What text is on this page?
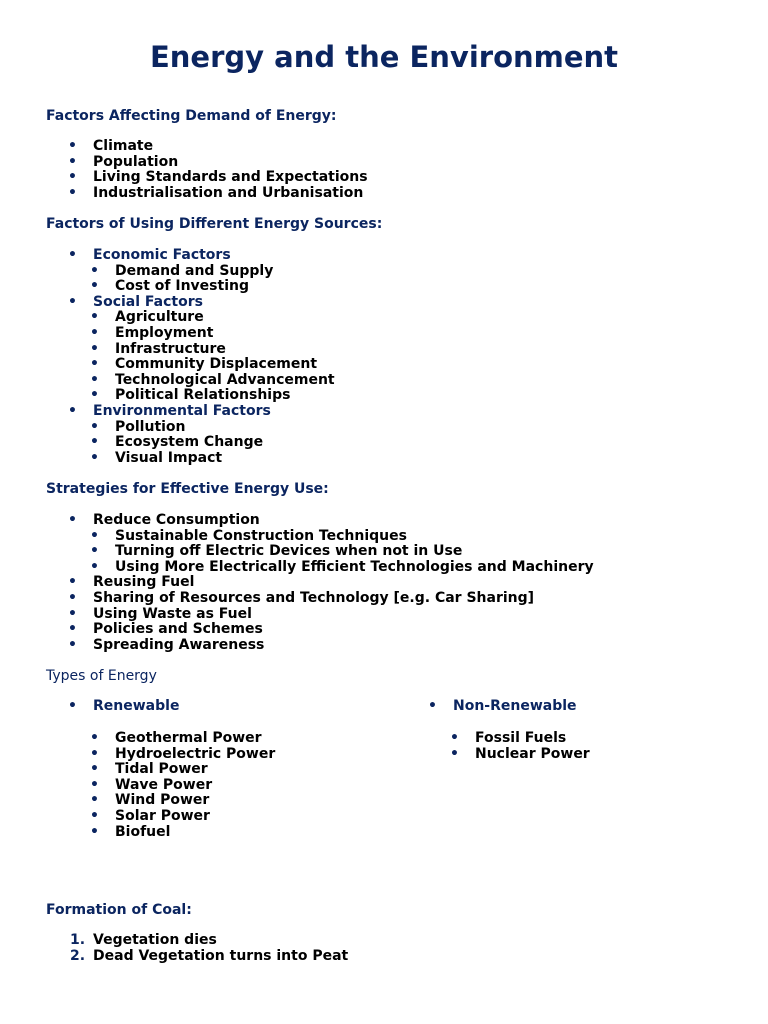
Energy and the Environment
Factors Affecting Demand of Energy:
• Climate
• Population
• Living Standards and Expectations
• Industrialisation and Urbanisation
Factors of Using Different Energy Sources:
• Economic Factors
• Demand and Supply
• Cost of Investing
• Social Factors
• Agriculture
• Employment
• Infrastructure
• Community Displacement
• Technological Advancement
• Political Relationships
• Environmental Factors
• Pollution
• Ecosystem Change
• Visual Impact
Strategies for Effective Energy Use:
• Reduce Consumption
• Sustainable Construction Techniques
• Turning off Electric Devices when not in Use
• Using More Electrically Efficient Technologies and Machinery
• Reusing Fuel
• Sharing of Resources and Technology [e.g. Car Sharing]
• Using Waste as Fuel
• Policies and Schemes
• Spreading Awareness
Types of Energy
• Renewable
• Geothermal Power
• Hydroelectric Power
• Tidal Power
• Wave Power
• Wind Power
• Solar Power
• Biofuel
• Non-Renewable
• Fossil Fuels
• Nuclear Power
Formation of Coal:
1. Vegetation dies
2. Dead Vegetation turns into Peat
